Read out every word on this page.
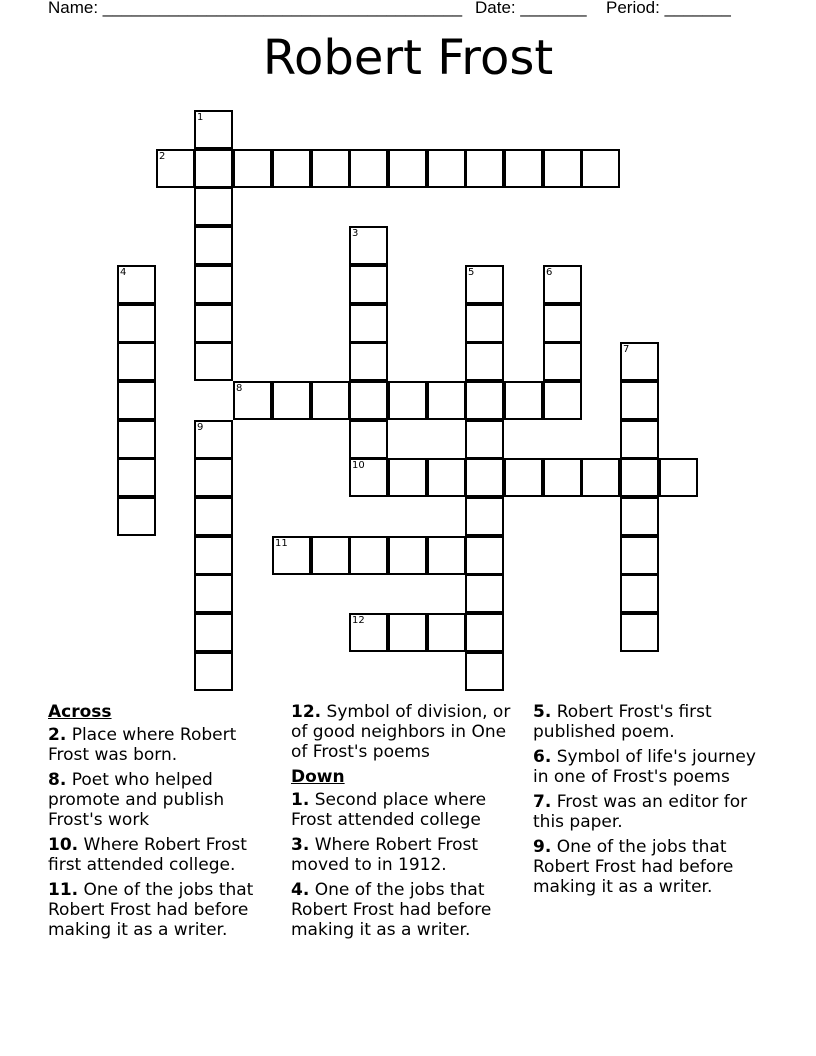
Name: ______________________________________ Date: _______ Period: _______
Robert Frost
1
2
3
4	5	6
7
8
9
10
11
12
Across
2. Place where Robert Frost was born.
8. Poet who helped promote and publish Frost's work
10. Where Robert Frost first attended college.
11. One of the jobs that Robert Frost had before making it as a writer.
12. Symbol of division, or of good neighbors in One of Frost's poems
Down
1. Second place where Frost attended college
3. Where Robert Frost moved to in 1912.
4. One of the jobs that Robert Frost had before making it as a writer.
5. Robert Frost's first published poem.
6. Symbol of life's journey in one of Frost's poems
7. Frost was an editor for this paper.
9. One of the jobs that Robert Frost had before making it as a writer.
